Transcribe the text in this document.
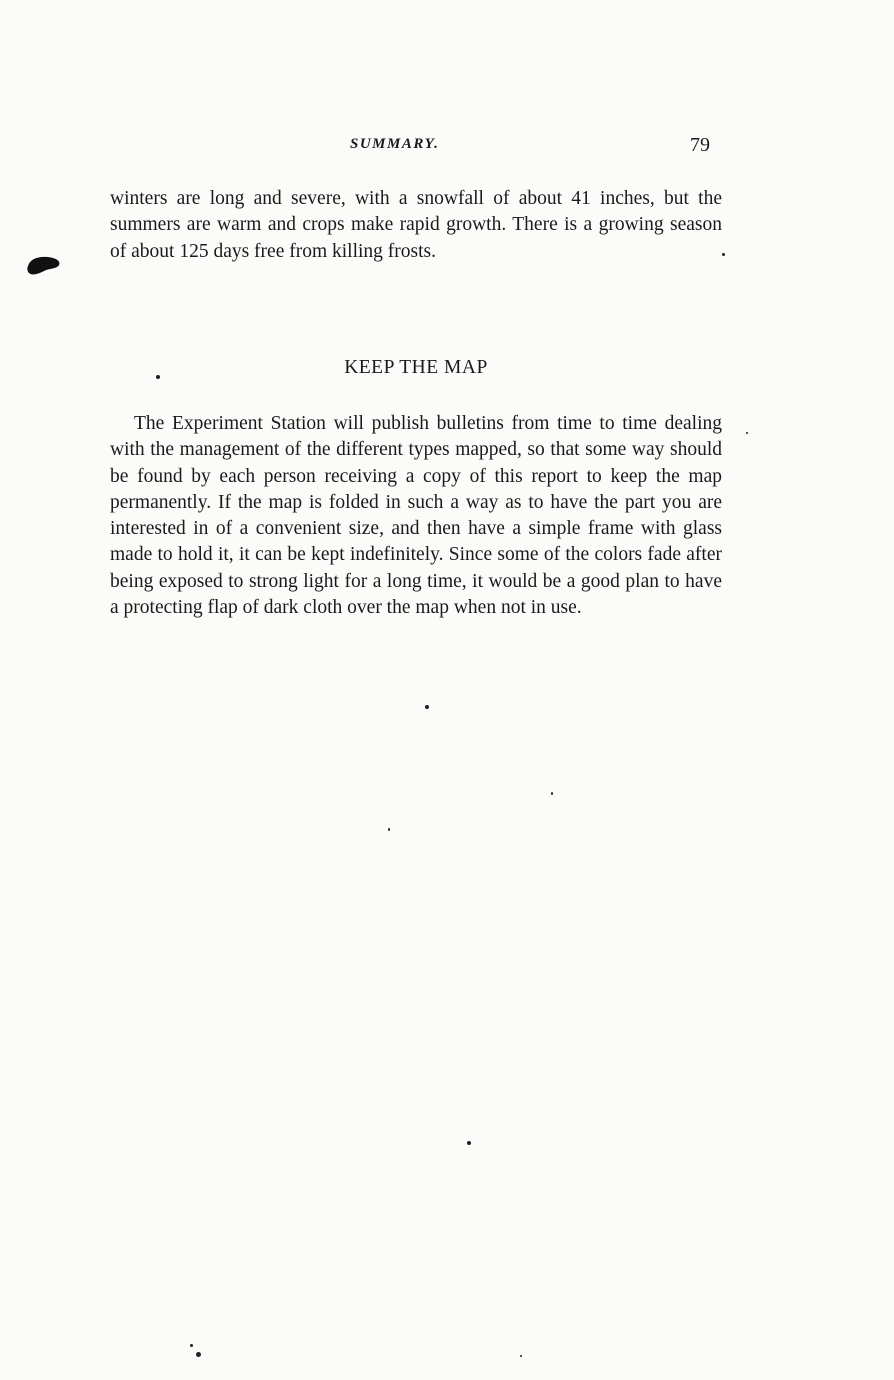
SUMMARY.	79
winters are long and severe, with a snowfall of about 41 inches, but the summers are warm and crops make rapid growth. There is a growing season of about 125 days free from killing frosts.
KEEP THE MAP
The Experiment Station will publish bulletins from time to time dealing with the management of the different types mapped, so that some way should be found by each person receiving a copy of this report to keep the map permanently. If the map is folded in such a way as to have the part you are interested in of a convenient size, and then have a simple frame with glass made to hold it, it can be kept indefinitely. Since some of the colors fade after being exposed to strong light for a long time, it would be a good plan to have a protecting flap of dark cloth over the map when not in use.
